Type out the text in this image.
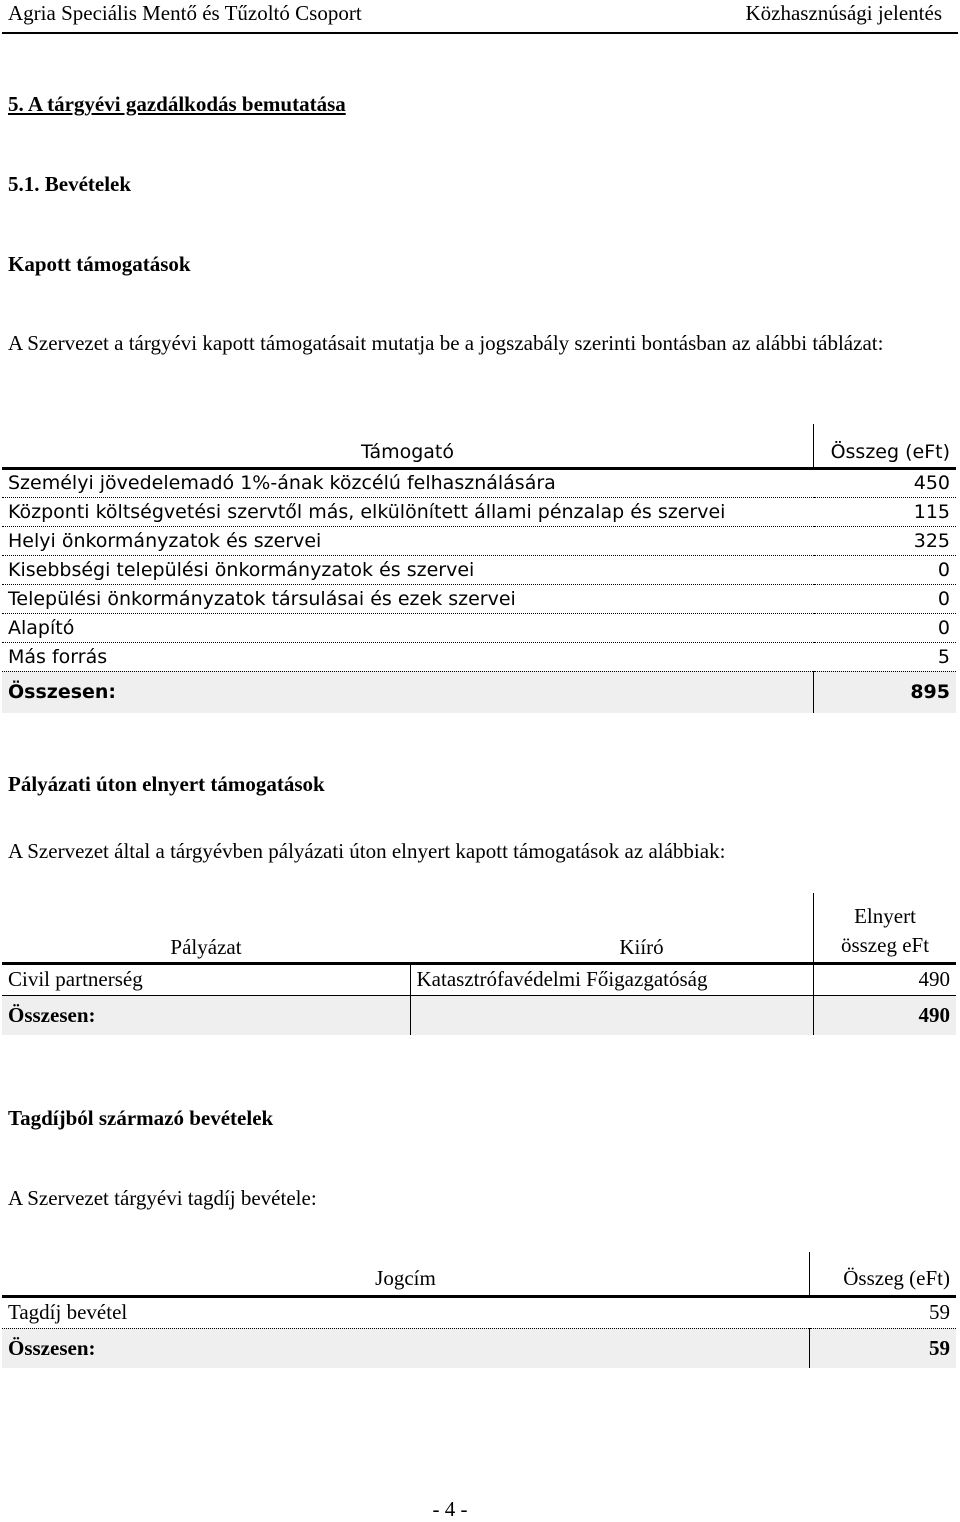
Agria Speciális Mentő és Tűzoltó Csoport	Közhasznúsági jelentés
5. A tárgyévi gazdálkodás bemutatása
5.1. Bevételek
Kapott támogatások
A Szervezet a tárgyévi kapott támogatásait mutatja be a jogszabály szerinti bontásban az alábbi táblázat:
Támogató	Összeg (eFt)
Személyi jövedelemadó 1%-ának közcélú felhasználására	450
Központi költségvetési szervtől más, elkülönített állami pénzalap és szervei	115
Helyi önkormányzatok és szervei	325
Kisebbségi települési önkormányzatok és szervei	0
Települési önkormányzatok társulásai és ezek szervei	0
Alapító	0
Más forrás	5
Összesen:	895
Pályázati úton elnyert támogatások
A Szervezet által a tárgyévben pályázati úton elnyert kapott támogatások az alábbiak:
Pályázat	Kiíró	Elnyert
összeg eFt

Civil partnerség	Katasztrófavédelmi Főigazgatóság	490
Összesen:		490
Tagdíjból származó bevételek
A Szervezet tárgyévi tagdíj bevétele:
Jogcím	Összeg (eFt)
Tagdíj bevétel	59
Összesen:	59
- 4 -
